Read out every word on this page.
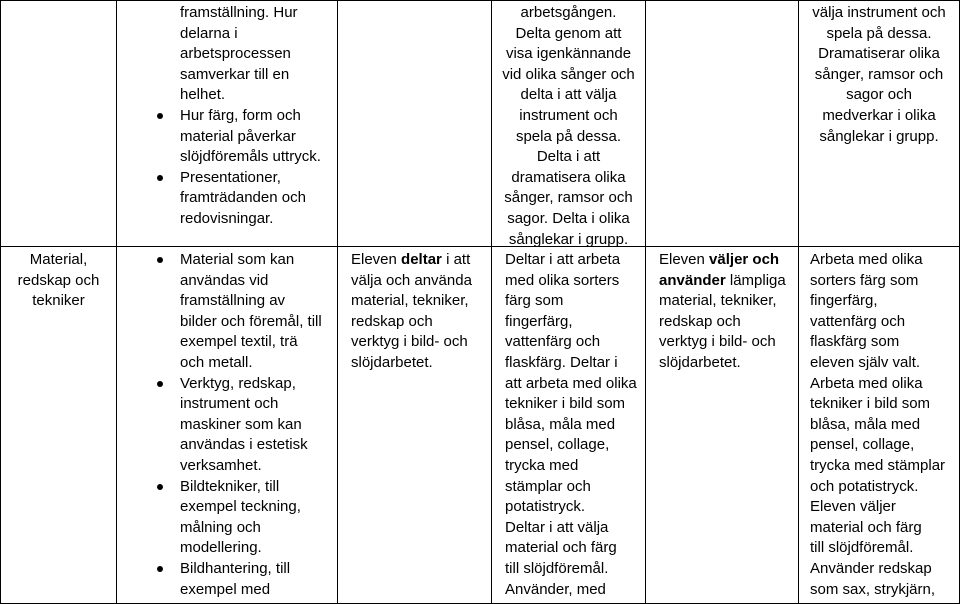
framställning. Hur
delarna i
arbetsprocessen
samverkar till en
helhet.
Hur färg, form och
material påverkar
slöjdföremåls uttryck.
Presentationer,
framträdanden och
redovisningar.
arbetsgången.
Delta genom att
visa igenkännande
vid olika sånger och
delta i att välja
instrument och
spela på dessa.
Delta i att
dramatisera olika
sånger, ramsor och
sagor. Delta i olika
sånglekar i grupp.
välja instrument och
spela på dessa.
Dramatiserar olika
sånger, ramsor och
sagor och
medverkar i olika
sånglekar i grupp.
Material,
redskap och
tekniker
Material som kan
användas vid
framställning av
bilder och föremål, till
exempel textil, trä
och metall.
Verktyg, redskap,
instrument och
maskiner som kan
användas i estetisk
verksamhet.
Bildtekniker, till
exempel teckning,
målning och
modellering.
Bildhantering, till
exempel med
Eleven deltar i att
välja och använda
material, tekniker,
redskap och
verktyg i bild- och
slöjdarbetet.
Deltar i att arbeta
med olika sorters
färg som
fingerfärg,
vattenfärg och
flaskfärg. Deltar i
att arbeta med olika
tekniker i bild som
blåsa, måla med
pensel, collage,
trycka med
stämplar och
potatistryck.
Deltar i att välja
material och färg
till slöjdföremål.
Använder, med
Eleven väljer och
använder lämpliga
material, tekniker,
redskap och
verktyg i bild- och
slöjdarbetet.
Arbeta med olika
sorters färg som
fingerfärg,
vattenfärg och
flaskfärg som
eleven själv valt.
Arbeta med olika
tekniker i bild som
blåsa, måla med
pensel, collage,
trycka med stämplar
och potatistryck.
Eleven väljer
material och färg
till slöjdföremål.
Använder redskap
som sax, strykjärn,
